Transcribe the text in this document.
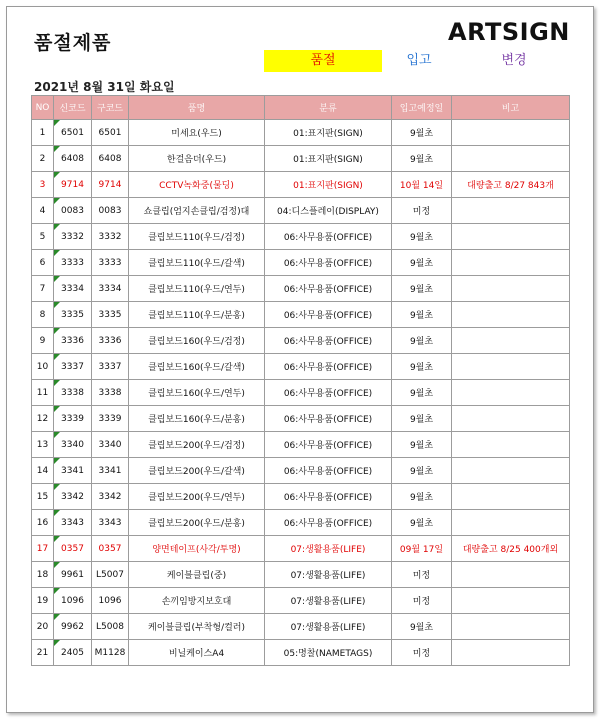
품절제품	ARTSIGN
품절	입고	변경
2021년 8월 31일 화요일
NO	신코드	구코드	품명	분류	입고예정일	비고
1	6501	6501	미세요(우드)	01:표지판(SIGN)	9월초	
2	6408	6408	한걸음더(우드)	01:표지판(SIGN)	9월초	
3	9714	9714	CCTV녹화중(물딩)	01:표지판(SIGN)	10월 14일	대량출고 8/27 843개
4	0083	0083	쇼클립(엄지손클립/검정)대	04:디스플레이(DISPLAY)	미정	
5	3332	3332	클립보드110(우드/검정)	06:사무용품(OFFICE)	9월초	
6	3333	3333	클립보드110(우드/갈색)	06:사무용품(OFFICE)	9월초	
7	3334	3334	클립보드110(우드/연두)	06:사무용품(OFFICE)	9월초	
8	3335	3335	클립보드110(우드/분홍)	06:사무용품(OFFICE)	9월초	
9	3336	3336	클립보드160(우드/검정)	06:사무용품(OFFICE)	9월초	
10	3337	3337	클립보드160(우드/갈색)	06:사무용품(OFFICE)	9월초	
11	3338	3338	클립보드160(우드/연두)	06:사무용품(OFFICE)	9월초	
12	3339	3339	클립보드160(우드/분홍)	06:사무용품(OFFICE)	9월초	
13	3340	3340	클립보드200(우드/검정)	06:사무용품(OFFICE)	9월초	
14	3341	3341	클립보드200(우드/갈색)	06:사무용품(OFFICE)	9월초	
15	3342	3342	클립보드200(우드/연두)	06:사무용품(OFFICE)	9월초	
16	3343	3343	클립보드200(우드/분홍)	06:사무용품(OFFICE)	9월초	
17	0357	0357	양면테이프(사각/투명)	07:생활용품(LIFE)	09월 17일	대량출고 8/25 400개외
18	9961	L5007	케이블클립(중)	07:생활용품(LIFE)	미정	
19	1096	1096	손끼임방지보호대	07:생활용품(LIFE)	미정	
20	9962	L5008	케이블클립(부착형/컬러)	07:생활용품(LIFE)	9월초	
21	2405	M1128	비닐케이스A4	05:명찰(NAMETAGS)	미정	
